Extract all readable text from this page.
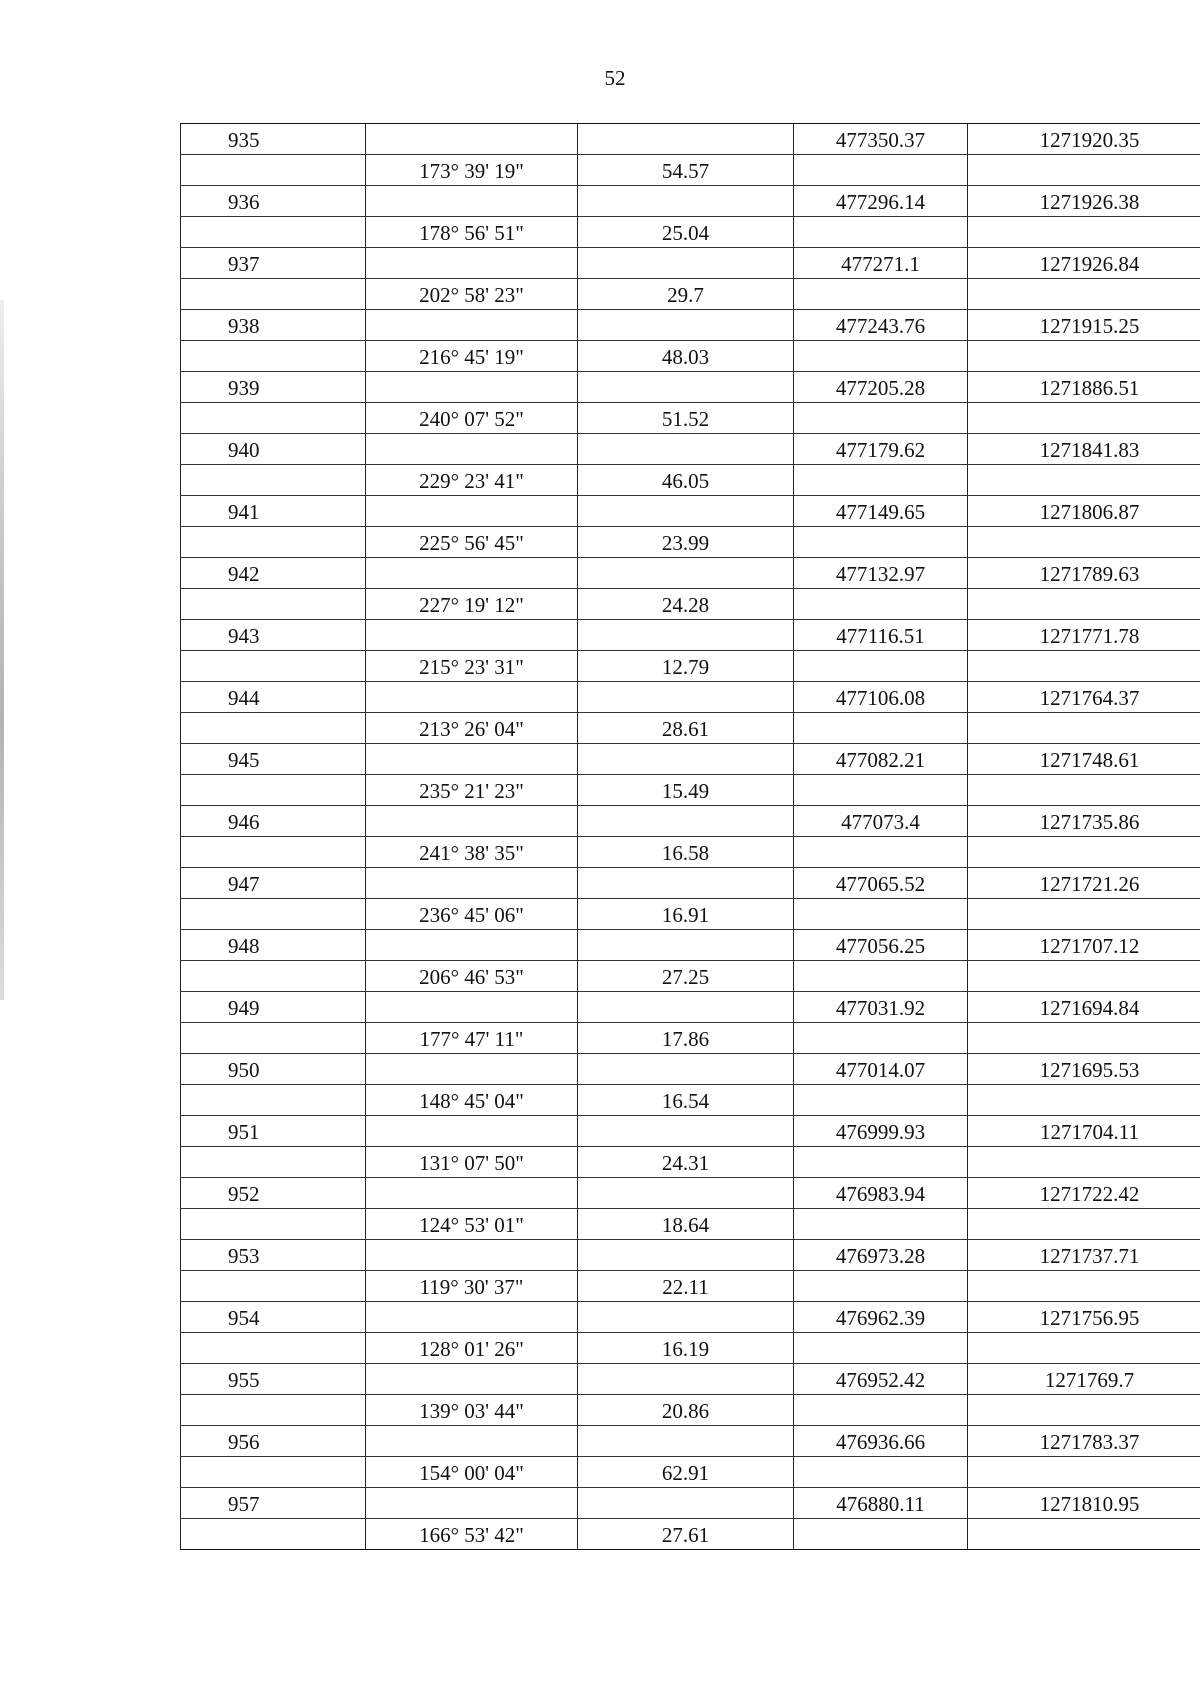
52
935			477350.37	1271920.35
	173° 39' 19"	54.57		
936			477296.14	1271926.38
	178° 56' 51"	25.04		
937			477271.1	1271926.84
	202° 58' 23"	29.7		
938			477243.76	1271915.25
	216° 45' 19"	48.03		
939			477205.28	1271886.51
	240° 07' 52"	51.52		
940			477179.62	1271841.83
	229° 23' 41"	46.05		
941			477149.65	1271806.87
	225° 56' 45"	23.99		
942			477132.97	1271789.63
	227° 19' 12"	24.28		
943			477116.51	1271771.78
	215° 23' 31"	12.79		
944			477106.08	1271764.37
	213° 26' 04"	28.61		
945			477082.21	1271748.61
	235° 21' 23"	15.49		
946			477073.4	1271735.86
	241° 38' 35"	16.58		
947			477065.52	1271721.26
	236° 45' 06"	16.91		
948			477056.25	1271707.12
	206° 46' 53"	27.25		
949			477031.92	1271694.84
	177° 47' 11"	17.86		
950			477014.07	1271695.53
	148° 45' 04"	16.54		
951			476999.93	1271704.11
	131° 07' 50"	24.31		
952			476983.94	1271722.42
	124° 53' 01"	18.64		
953			476973.28	1271737.71
	119° 30' 37"	22.11		
954			476962.39	1271756.95
	128° 01' 26"	16.19		
955			476952.42	1271769.7
	139° 03' 44"	20.86		
956			476936.66	1271783.37
	154° 00' 04"	62.91		
957			476880.11	1271810.95
	166° 53' 42"	27.61		
